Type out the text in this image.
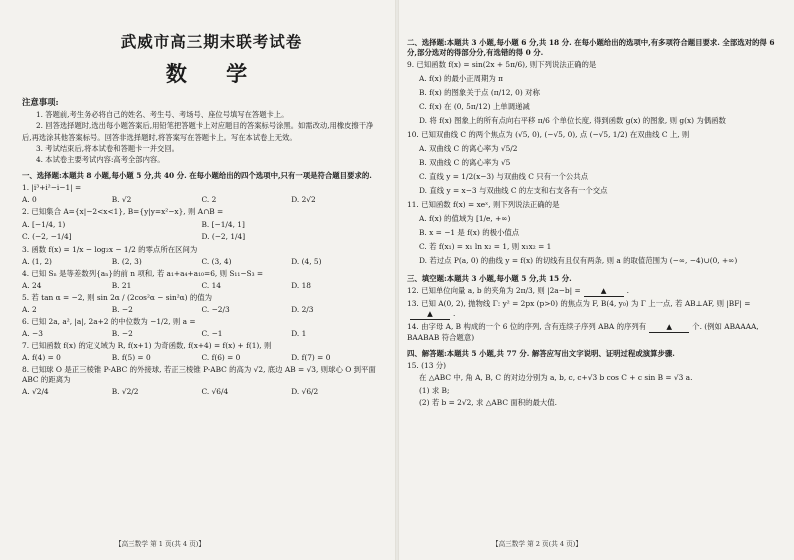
武威市高三期末联考试卷
数 学
注意事项:

1. 答题前,考生务必将自己的姓名、考生号、考场号、座位号填写在答题卡上。

2. 回答选择题时,选出每小题答案后,用铅笔把答题卡上对应题目的答案标号涂黑。如需改动,用橡皮擦干净后,再选涂其他答案标号。回答非选择题时,将答案写在答题卡上。写在本试卷上无效。

3. 考试结束后,将本试卷和答题卡一并交回。

4. 本试卷主要考试内容:高考全部内容。

一、选择题:本题共 8 小题,每小题 5 分,共 40 分. 在每小题给出的四个选项中,只有一项是符合题目要求的.
1. |i³+i²−i−1| =
A. 0	B. √2	C. 2	D. 2√2
2. 已知集合 A={x|−2<x<1}, B={y|y=x²−x}, 则 A∩B =
A. [−1/4, 1)	B. [−1/4, 1]
C. (−2, −1/4]	D. (−2, 1/4]
3. 函数 f(x) = 1/x − log₂x − 1/2 的零点所在区间为
A. (1, 2)	B. (2, 3)	C. (3, 4)	D. (4, 5)
4. 已知 Sₙ 是等差数列{aₙ}的前 n 项和, 若 a₁+a₄+a₁₀=6, 则 S₁₁−S₃ =
A. 24	B. 21	C. 14	D. 18
5. 若 tan α = −2, 则 sin 2α / (2cos²α − sin²α) 的值为
A. 2	B. −2	C. −2/3	D. 2/3
6. 已知 2a, a², |a|, 2a+2 的中位数为 −1/2, 则 a =
A. −3	B. −2	C. −1	D. 1
7. 已知函数 f(x) 的定义域为 R, f(x+1) 为奇函数, f(x+4) = f(x) + f(1), 则
A. f(4) = 0	B. f(5) = 0	C. f(6) = 0	D. f(7) = 0
8. 已知球 O 是正三棱锥 P-ABC 的外接球, 若正三棱锥 P-ABC 的高为 √2, 底边 AB = √3, 则球心 O 到平面 ABC 的距离为
A. √2/4	B. √2/2	C. √6/4	D. √6/2
【高三数学 第 1 页(共 4 页)】
二、选择题:本题共 3 小题,每小题 6 分,共 18 分. 在每小题给出的选项中,有多项符合题目要求. 全部选对的得 6 分,部分选对的得部分分,有选错的得 0 分.
9. 已知函数 f(x) = sin(2x + 5π/6), 则下列说法正确的是
A. f(x) 的最小正周期为 π
B. f(x) 的图象关于点 (π/12, 0) 对称
C. f(x) 在 (0, 5π/12) 上单调递减
D. 将 f(x) 图象上的所有点向右平移 π/6 个单位长度, 得到函数 g(x) 的图象, 则 g(x) 为偶函数
10. 已知双曲线 C 的两个焦点为 (√5, 0), (−√5, 0), 点 (−√5, 1/2) 在双曲线 C 上, 则
A. 双曲线 C 的离心率为 √5/2
B. 双曲线 C 的离心率为 √5
C. 直线 y = 1/2(x−3) 与双曲线 C 只有一个公共点
D. 直线 y = x−3 与双曲线 C 的左支和右支各有一个交点
11. 已知函数 f(x) = xeˣ, 则下列说法正确的是
A. f(x) 的值域为 [1/e, +∞)
B. x = −1 是 f(x) 的极小值点
C. 若 f(x₁) = x₁ ln x₂ = 1, 则 x₁x₂ = 1
D. 若过点 P(a, 0) 的曲线 y = f(x) 的切线有且仅有两条, 则 a 的取值范围为 (−∞, −4)∪(0, +∞)
三、填空题:本题共 3 小题,每小题 5 分,共 15 分.
12. 已知单位向量 a, b 的夹角为 2π/3, 则 |2a−b| =	▲	.
13. 已知 A(0, 2), 抛物线 Γ: y² = 2px (p>0) 的焦点为 F, B(4, y₀) 为 Γ 上一点, 若 AB⊥AF, 则 |BF| =▲	.
14. 由字母 A, B 构成的一个 6 位的序列, 含有连续子序列 ABA 的序列有	▲	个. (例如 ABAAAA, BAABAB 符合题意)
四、解答题:本题共 5 小题,共 77 分. 解答应写出文字说明、证明过程或演算步骤.
15. (13 分)
在 △ABC 中, 角 A, B, C 的对边分别为 a, b, c, c+√3 b cos C + c sin B = √3 a.
(1) 求 B;
(2) 若 b = 2√2, 求 △ABC 面积的最大值.
【高三数学 第 2 页(共 4 页)】
